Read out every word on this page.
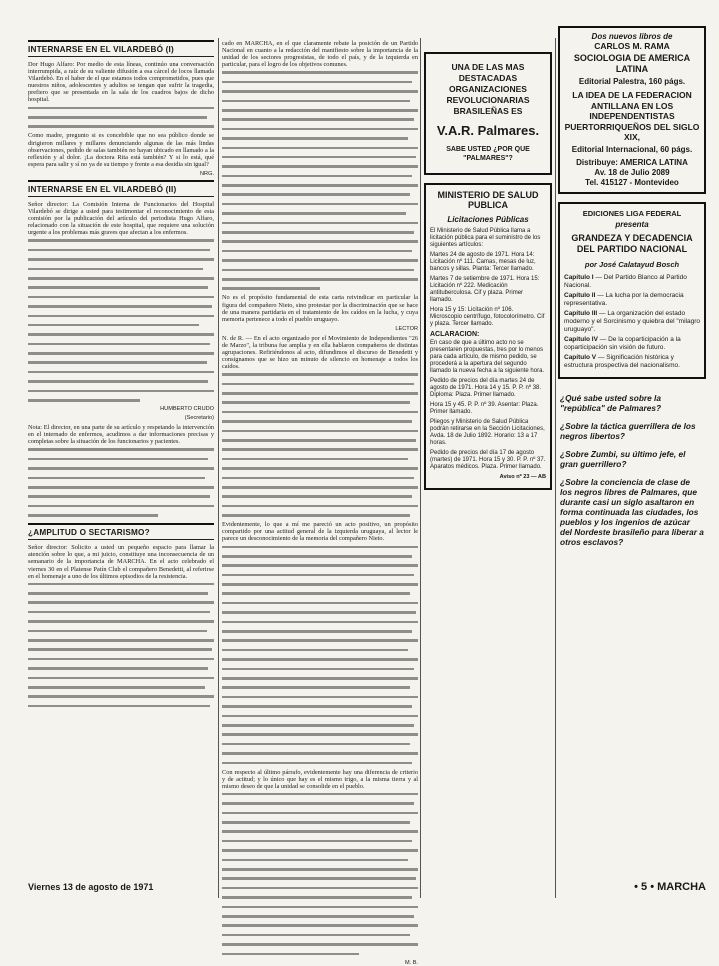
INTERNARSE EN EL VILARDEBÓ (I)

Dor Hugo Alfaro: Por medio de esta líneas, continúo una conversación interrumpida, a raíz de su valiente difusión a esa cárcel de locos llamada Vilardebó. En el haber de el que estamos todos comprometidos, pues que nuestros niños, adolescentes y adultos se tengan que sufrir la tragedia, prefiero que se presentada en la sala de los cuadros bajos de dicho hospital.

Como madre, pregunto si es concebible que no sea público donde se dirigieron millares y millares denunciando algunas de las más lindas observaciones, pedido de salas también no hayan ubicado en llamado a la reflexión y al dolor. ¡La doctora Rita está también? Y si lo está, qué espera para salir y sí no ya de su tiempo y frente a esa desidia sin igual?

NRG.
INTERNARSE EN EL VILARDEBÓ (II)

Señor director: La Comisión Interna de Funcionarios del Hospital Vilardebó se dirige a usted para testimoniar el reconocimiento de esta comisión por la publicación del artículo del periodista Hugo Alfaro, relacionado con la situación de este hospital, que requiere una solución urgente a los problemas más graves que afectan a los enfermos.

HUMBERTO CRUDO
(Secretario)

Nota: El director, en una parte de su artículo y respetando la intervención en el internado de enfermos, acudimos a dar informaciones precisas y completas sobre la situación de los funcionarios y pacientes.

¿AMPLITUD O SECTARISMO?

Señor director: Solicito a usted un pequeño espacio para llamar la atención sobre lo que, a mi juicio, constituye una inconsecuencia de un semanario de la importancia de MARCHA. En el acto celebrado el viernes 30 en el Platense Patín Club el compañero Benedetti, al referirse en el homenaje a uno de los últimos episodios de la resistencia.

cado en MARCHA, en el que claramente rebate la posición de un Partido Nacional en cuanto a la redacción del manifiesto sobre la importancia de la unidad de los sectores progresistas, de todo el país, y de la izquierda en particular, para el logro de los objetivos comunes.

No es el propósito fundamental de esta carta reivindicar en particular la figura del compañero Nieto, sino protestar por la discriminación que se hace de una manera partidaria en el tratamiento de los caídos en la lucha, y cuya memoria pertenece a todo el pueblo uruguayo.

LECTOR

N. de R. — En el acto organizado por el Movimiento de Independientes "26 de Marzo", la tribuna fue amplia y en ella hablaron compañeros de distintas agrupaciones. Refiriéndonos al acto, difundimos el discurso de Benedetti y consignamos que se hizo un minuto de silencio en homenaje a todos los caídos.

Evidentemente, lo que a mí me pareció un acto positivo, un propósito compartido por una actitud general de la izquierda uruguaya, al lector le parece un desconocimiento de la memoria del compañero Nieto.

Con respecto al último párrafo, evidentemente hay una diferencia de criterio y de actitud; y lo único que hay es el mismo trigo, a la misma tierra y al mismo deseo de que la unidad se consolide en el pueblo.

M. B.
UNA DE LAS MAS
DESTACADAS
ORGANIZACIONES
REVOLUCIONARIAS
BRASILEÑAS ES
V.A.R. Palmares.
SABE USTED ¿POR QUE "PALMARES"?
MINISTERIO DE SALUD PUBLICA
Licitaciones Públicas

El Ministerio de Salud Pública llama a licitación pública para el suministro de los siguientes artículos:

Martes 24 de agosto de 1971. Hora 14: Licitación nº 111. Camas, mesas de luz, bancos y sillas. Planta: Tercer llamado.

Martes 7 de setiembre de 1971. Hora 15: Licitación nº 222. Medicación antituberculosa. Cif y plaza. Primer llamado.

Hora 15 y 15: Licitación nº 106. Microscopio centrífugo, fotocolorímetro. Cif y plaza. Tercer llamado.

ACLARACION:

En caso de que a último acto no se presentaren propuestas, tres por lo menos para cada artículo, de mismo pedido, se procederá a la apertura del segundo llamado la nueva fecha a la siguiente hora.

Pedido de precios del día martes 24 de agosto de 1971. Hora 14 y 15. P. P. nº 38. Diploma: Plaza. Primer llamado.

Hora 15 y 45. P. P. nº 39. Asentar: Plaza. Primer llamado.

Pliegos y Ministerio de Salud Pública podrán retirarse en la Sección Licitaciones, Avda. 18 de Julio 1892. Horario: 13 a 17 horas.

Pedido de precios del día 17 de agosto (martes) de 1971. Hora 15 y 30. P. P. nº 37. Aparatos médicos. Plaza. Primer llamado.

Aviso nº 23 — AB
Dos nuevos libros de
CARLOS M. RAMA
SOCIOLOGIA DE AMERICA LATINA
Editorial Palestra, 160 págs.
LA IDEA DE LA FEDERACION ANTILLANA EN LOS INDEPENDENTISTAS PUERTORRIQUEÑOS DEL SIGLO XIX,
Editorial Internacional, 60 págs.
Distribuye: AMERICA LATINA
Av. 18 de Julio 2089
Tel. 415127 - Montevideo
EDICIONES LIGA FEDERAL
presenta
GRANDEZA Y DECADENCIA DEL PARTIDO NACIONAL
por José Calatayud Bosch
Capítulo I — Del Partido Blanco al Partido Nacional.
Capítulo II — La lucha por la democracia representativa.
Capítulo III — La organización del estado moderno y el Sorcinismo y quiebra del "milagro uruguayo".
Capítulo IV — De la coparticipación a la coparticipación sin visión de futuro.
Capítulo V — Significación histórica y estructura prospectiva del nacionalismo.
¿Qué sabe usted sobre la "república" de Palmares?
¿Sobre la táctica guerrillera de los negros libertos?
¿Sobre Zumbi, su último jefe, el gran guerrillero?
¿Sobre la conciencia de clase de los negros libres de Palmares, que durante casi un siglo asaltaron en forma continuada las ciudades, los pueblos y los ingenios de azúcar del Nordeste brasileño para liberar a otros esclavos?
Viernes 13 de agosto de 1971	• 5 • MARCHA
